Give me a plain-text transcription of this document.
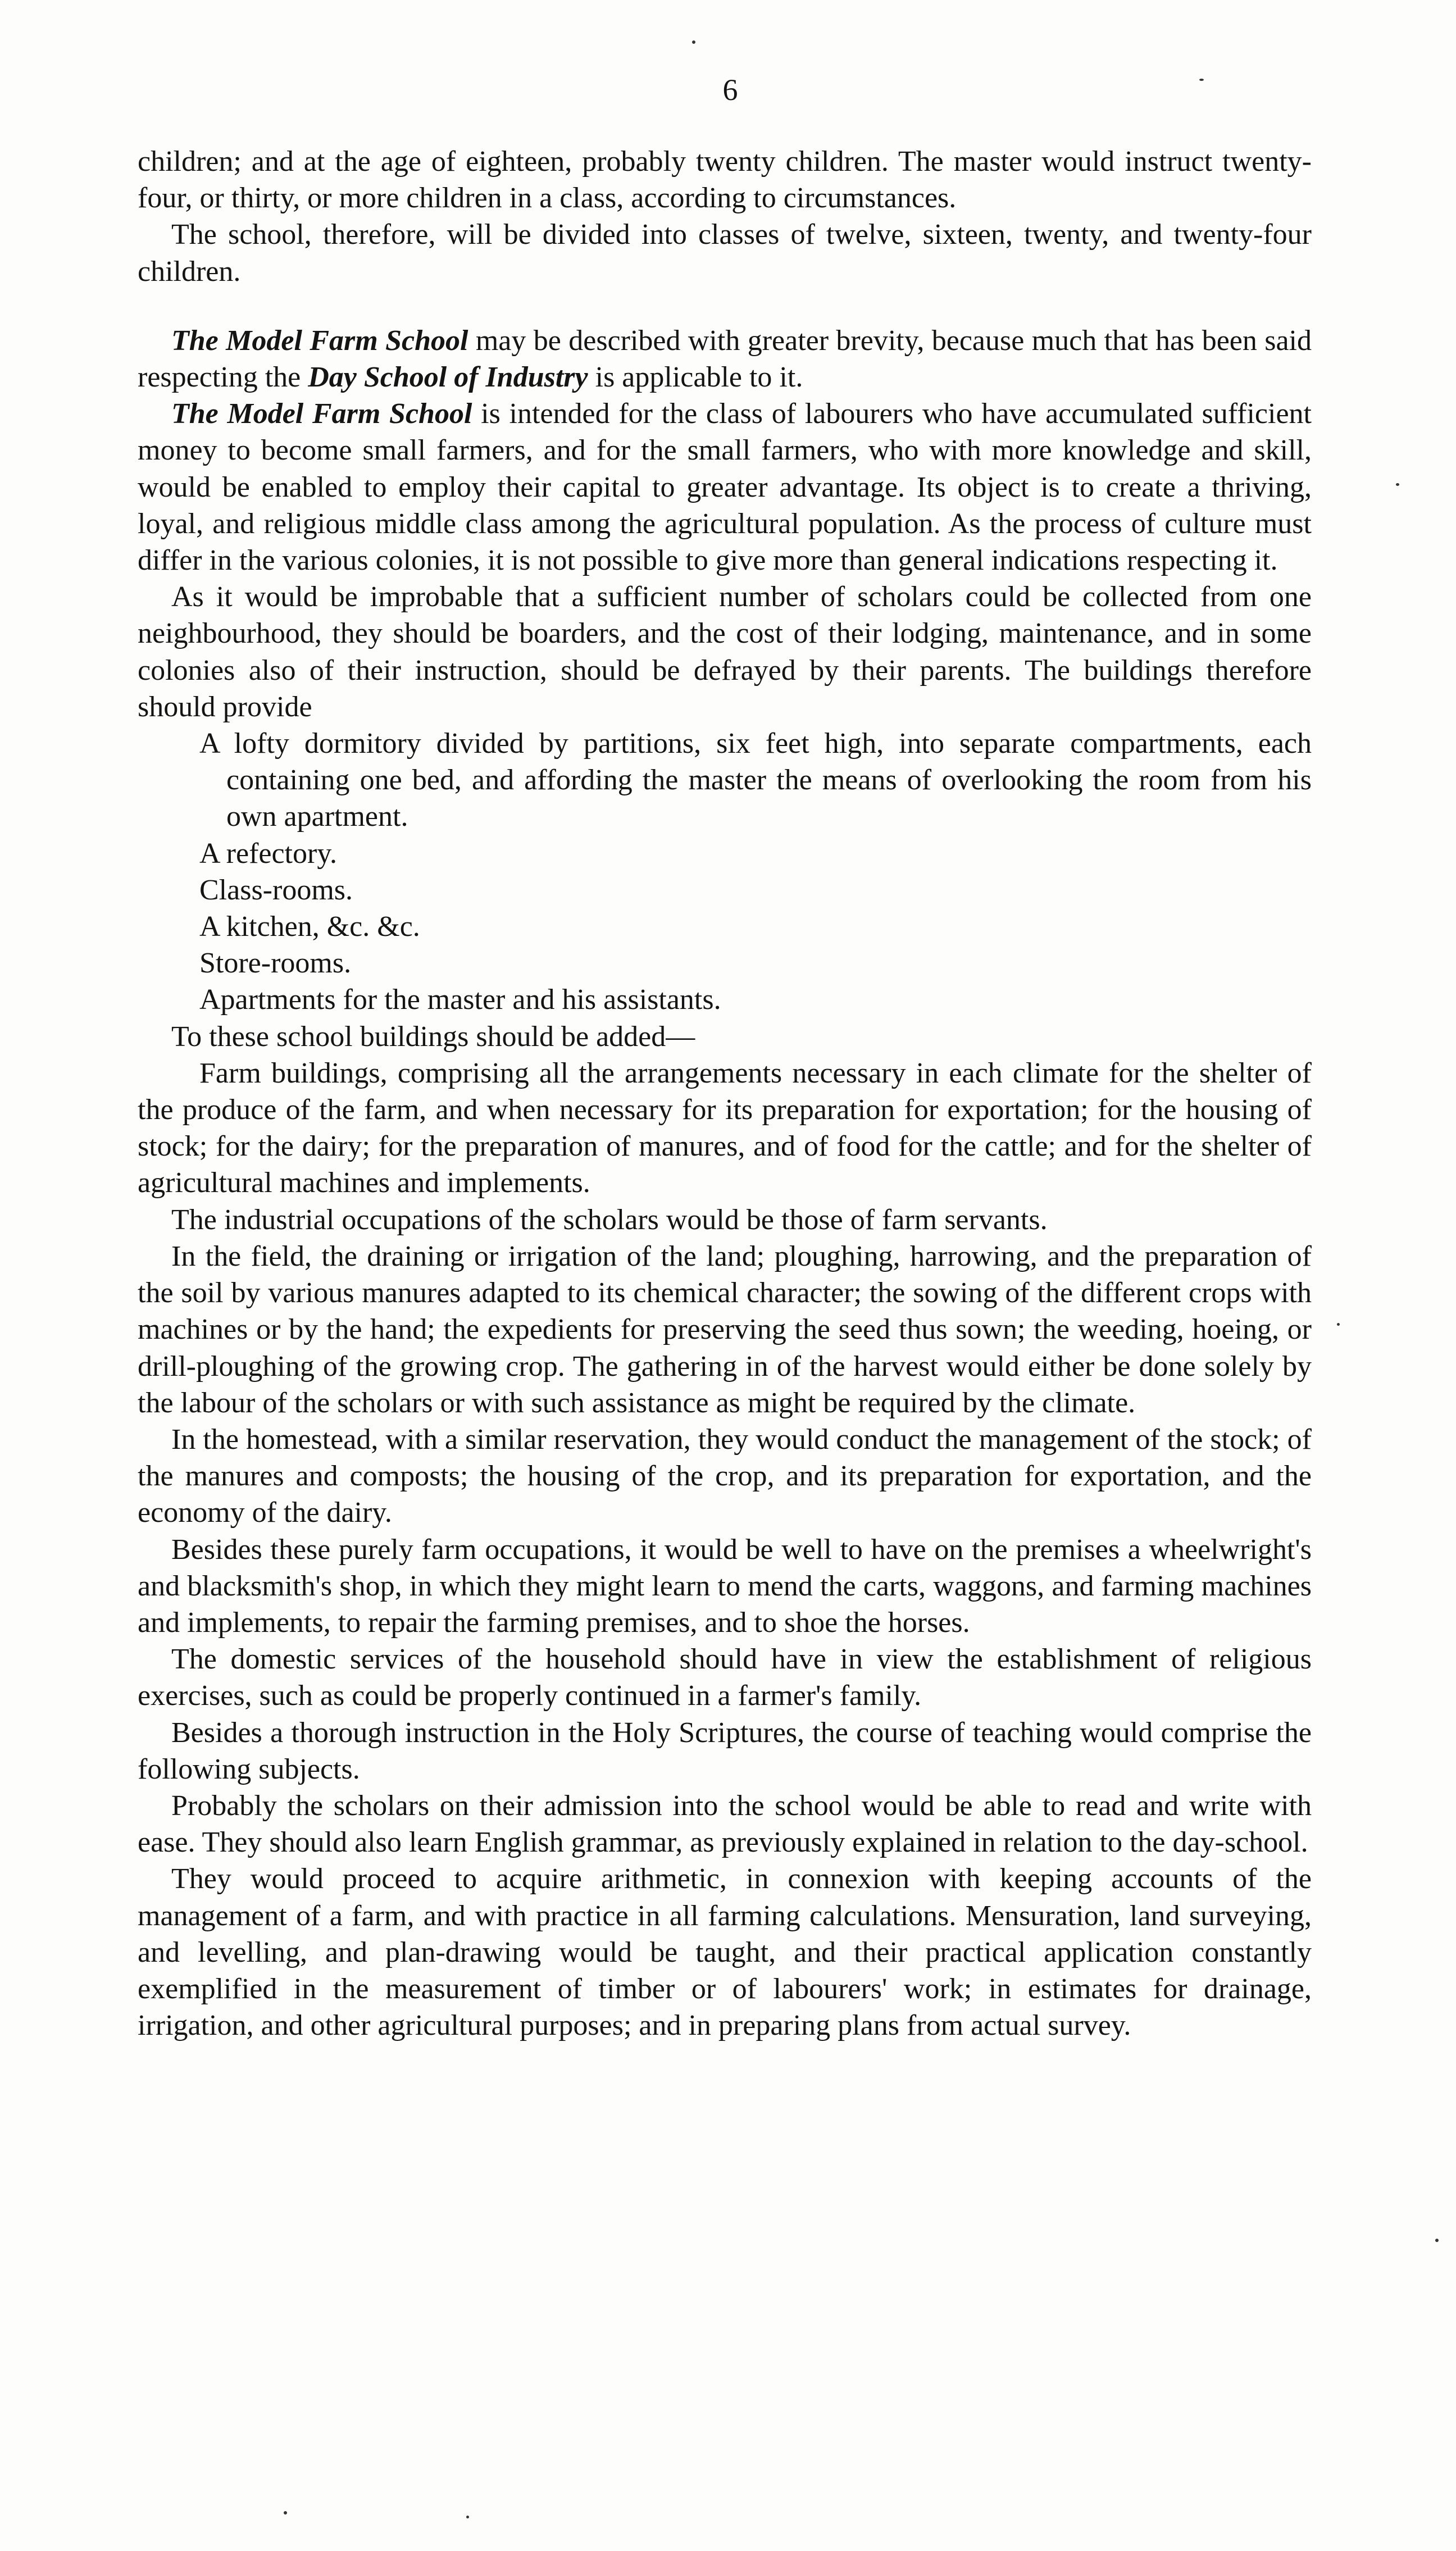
6

children; and at the age of eighteen, probably twenty children. The master would instruct twenty-four, or thirty, or more children in a class, according to circumstances.

The school, therefore, will be divided into classes of twelve, sixteen, twenty, and twenty-four children.

The Model Farm School may be described with greater brevity, because much that has been said respecting the Day School of Industry is applicable to it.

The Model Farm School is intended for the class of labourers who have accumulated sufficient money to become small farmers, and for the small farmers, who with more knowledge and skill, would be enabled to employ their capital to greater advantage. Its object is to create a thriving, loyal, and religious middle class among the agricultural population. As the process of culture must differ in the various colonies, it is not possible to give more than general indications respecting it.

As it would be improbable that a sufficient number of scholars could be collected from one neighbourhood, they should be boarders, and the cost of their lodging, maintenance, and in some colonies also of their instruction, should be defrayed by their parents. The buildings therefore should provide

A lofty dormitory divided by partitions, six feet high, into separate compartments, each containing one bed, and affording the master the means of overlooking the room from his own apartment.
A refectory.
Class-rooms.
A kitchen, &c. &c.
Store-rooms.
Apartments for the master and his assistants.

To these school buildings should be added—

Farm buildings, comprising all the arrangements necessary in each climate for the shelter of the produce of the farm, and when necessary for its preparation for exportation; for the housing of stock; for the dairy; for the preparation of manures, and of food for the cattle; and for the shelter of agricultural machines and implements.

The industrial occupations of the scholars would be those of farm servants.

In the field, the draining or irrigation of the land; ploughing, harrowing, and the preparation of the soil by various manures adapted to its chemical character; the sowing of the different crops with machines or by the hand; the expedients for preserving the seed thus sown; the weeding, hoeing, or drill-ploughing of the growing crop. The gathering in of the harvest would either be done solely by the labour of the scholars or with such assistance as might be required by the climate.

In the homestead, with a similar reservation, they would conduct the management of the stock; of the manures and composts; the housing of the crop, and its preparation for exportation, and the economy of the dairy.

Besides these purely farm occupations, it would be well to have on the premises a wheelwright's and blacksmith's shop, in which they might learn to mend the carts, waggons, and farming machines and implements, to repair the farming premises, and to shoe the horses.

The domestic services of the household should have in view the establishment of religious exercises, such as could be properly continued in a farmer's family.

Besides a thorough instruction in the Holy Scriptures, the course of teaching would comprise the following subjects.

Probably the scholars on their admission into the school would be able to read and write with ease. They should also learn English grammar, as previously explained in relation to the day-school.

They would proceed to acquire arithmetic, in connexion with keeping accounts of the management of a farm, and with practice in all farming calculations. Mensuration, land surveying, and levelling, and plan-drawing would be taught, and their practical application constantly exemplified in the measurement of timber or of labourers' work; in estimates for drainage, irrigation, and other agricultural purposes; and in preparing plans from actual survey.
